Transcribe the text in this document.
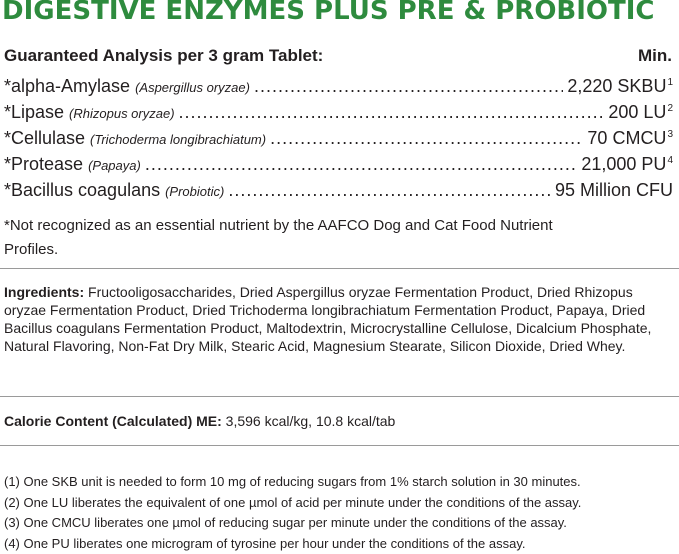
DIGESTIVE ENZYMES PLUS PRE & PROBIOTIC
Guaranteed Analysis per 3 gram Tablet:	Min.
*alpha-Amylase (Aspergillus oryzae) .....	2,220 SKBU$^1$
*Lipase (Rhizopus oryzae) .....	200 $LU^2$
*Cellulase (Trichoderma longibrachiatum) .....	70 CMCU$^3$
*Protease (Papaya) .....	21,000 $PU^4$
*Bacillus coagulans (Probiotic) .....	95 Million CFU
*Not recognized as an essential nutrient by the AAFCO Dog and Cat Food Nutrient Profiles.
Ingredients: Fructooligosaccharides, Dried Aspergillus oryzae Fermentation Product, Dried Rhizopus oryzae Fermentation Product, Dried Trichoderma longibrachiatum Fermentation Product, Papaya, Dried Bacillus coagulans Fermentation Product, Maltodextrin, Microcrystalline Cellulose, Dicalcium Phosphate, Natural Flavoring, Non-Fat Dry Milk, Stearic Acid, Magnesium Stearate, Silicon Dioxide, Dried Whey.
Calorie Content (Calculated) ME: 3,596 kcal/kg, 10.8 kcal/tab
(1) One SKB unit is needed to form 10 mg of reducing sugars from 1% starch solution in 30 minutes.
(2) One LU liberates the equivalent of one µmol of acid per minute under the conditions of the assay.
(3) One CMCU liberates one µmol of reducing sugar per minute under the conditions of the assay.
(4) One PU liberates one microgram of tyrosine per hour under the conditions of the assay.
